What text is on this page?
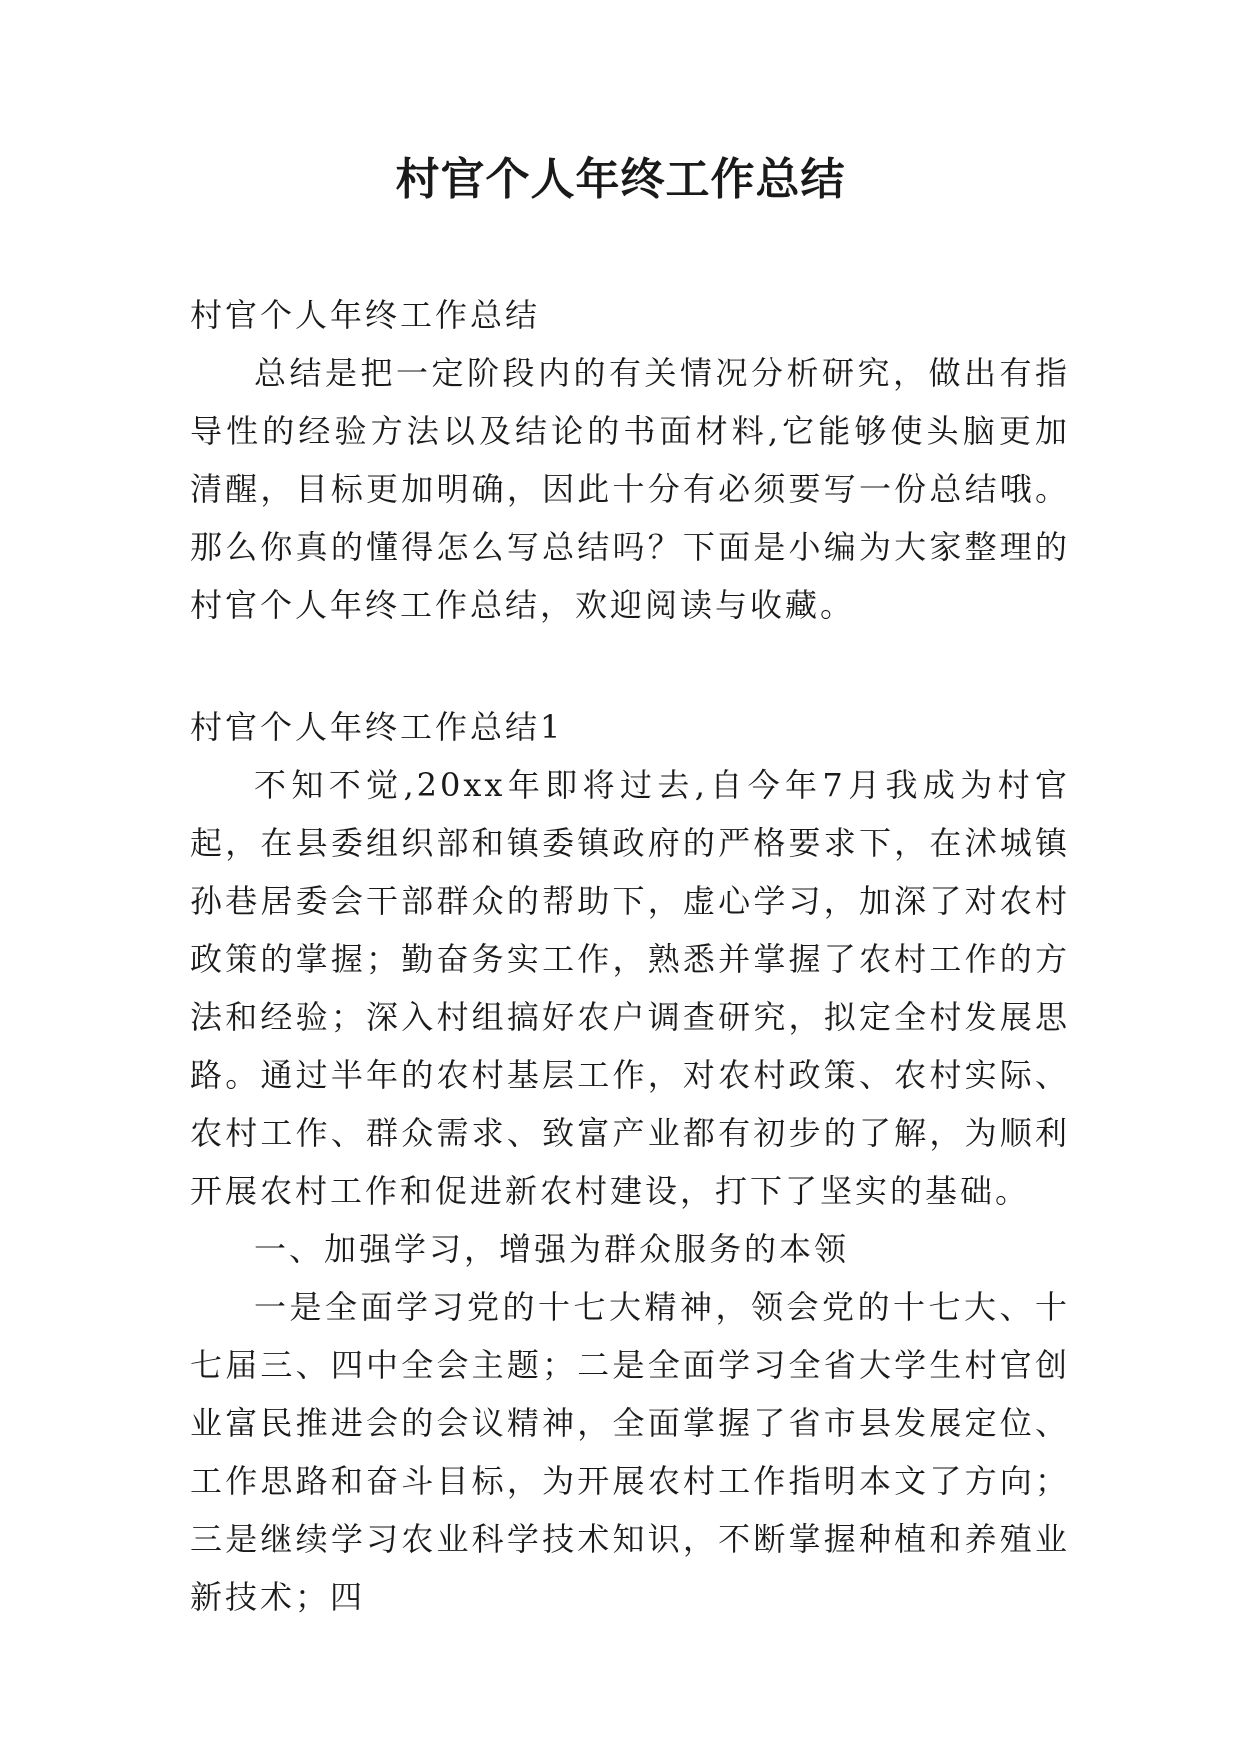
村官个人年终工作总结

村官个人年终工作总结

总结是把一定阶段内的有关情况分析研究，做出有指导性的经验方法以及结论的书面材料,它能够使头脑更加清醒，目标更加明确，因此十分有必须要写一份总结哦。那么你真的懂得怎么写总结吗？下面是小编为大家整理的村官个人年终工作总结，欢迎阅读与收藏。

村官个人年终工作总结1

不知不觉,20xx年即将过去,自今年7月我成为村官起，在县委组织部和镇委镇政府的严格要求下，在沭城镇孙巷居委会干部群众的帮助下，虚心学习，加深了对农村政策的掌握；勤奋务实工作，熟悉并掌握了农村工作的方法和经验；深入村组搞好农户调查研究，拟定全村发展思路。通过半年的农村基层工作，对农村政策、农村实际、农村工作、群众需求、致富产业都有初步的了解，为顺利开展农村工作和促进新农村建设，打下了坚实的基础。

一、加强学习，增强为群众服务的本领

一是全面学习党的十七大精神，领会党的十七大、十七届三、四中全会主题；二是全面学习全省大学生村官创业富民推进会的会议精神，全面掌握了省市县发展定位、工作思路和奋斗目标，为开展农村工作指明本文了方向；三是继续学习农业科学技术知识，不断掌握种植和养殖业新技术；四
